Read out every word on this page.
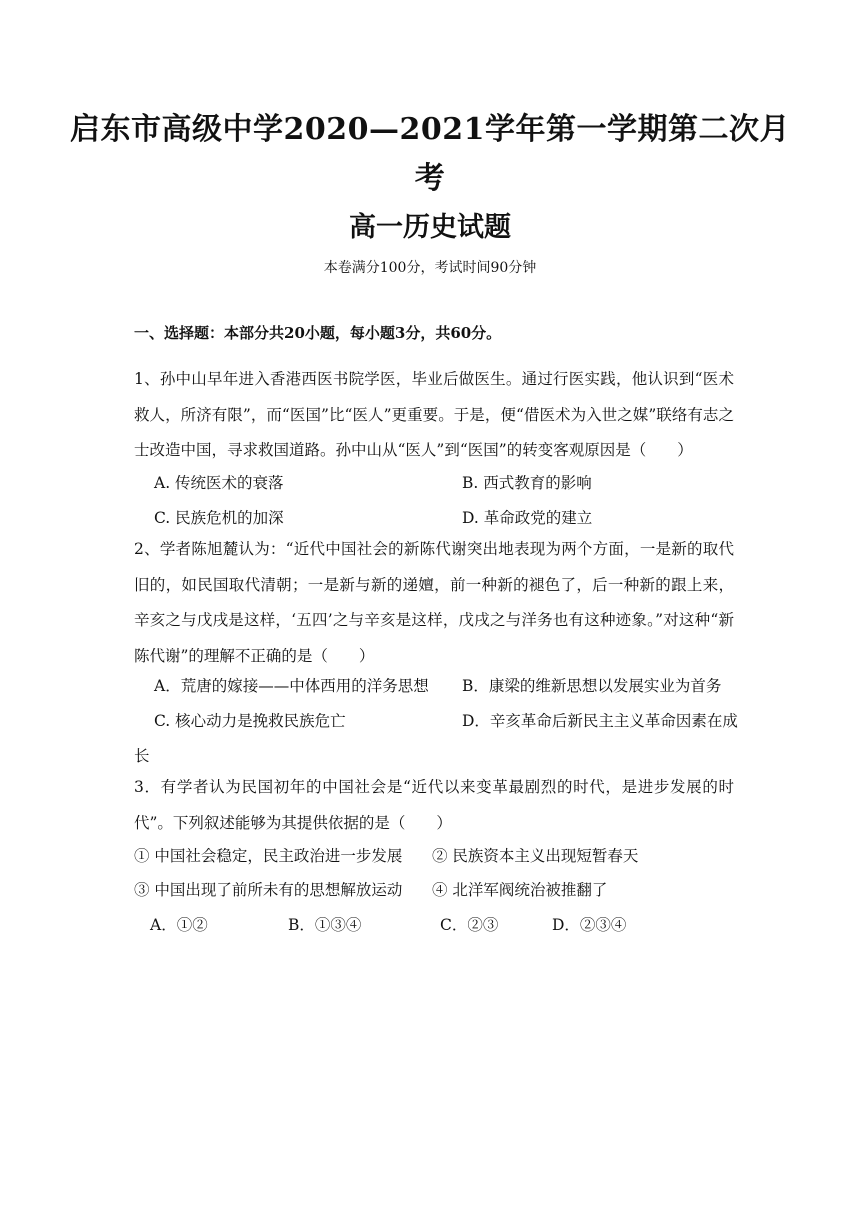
启东市高级中学2020—2021学年第一学期第二次月
考
高一历史试题
本卷满分100分，考试时间90分钟
一、选择题：本部分共20小题，每小题3分，共60分。
1、孙中山早年进入香港西医书院学医，毕业后做医生。通过行医实践，他认识到“医术救人，所济有限”，而“医国”比“医人”更重要。于是，便“借医术为入世之媒”联络有志之士改造中国，寻求救国道路。孙中山从“医人”到“医国”的转变客观原因是（　　）
A. 传统医术的衰落	B. 西式教育的影响
C. 民族危机的加深	D. 革命政党的建立
2、学者陈旭麓认为：“近代中国社会的新陈代谢突出地表现为两个方面，一是新的取代旧的，如民国取代清朝；一是新与新的递嬗，前一种新的褪色了，后一种新的跟上来，辛亥之与戊戌是这样，‘五四’之与辛亥是这样，戊戌之与洋务也有这种迹象。”对这种“新陈代谢”的理解不正确的是（　　）
A．荒唐的嫁接——中体西用的洋务思想 B．康梁的维新思想以发展实业为首务
C. 核心动力是挽救民族危亡	D．辛亥革命后新民主主义革命因素在成
长
3．有学者认为民国初年的中国社会是“近代以来变革最剧烈的时代，是进步发展的时代”。下列叙述能够为其提供依据的是（　　）
① 中国社会稳定，民主政治进一步发展 ② 民族资本主义出现短暂春天
③ 中国出现了前所未有的思想解放运动 ④ 北洋军阀统治被推翻了
A．①②	B．①③④	C．②③	D．②③④
